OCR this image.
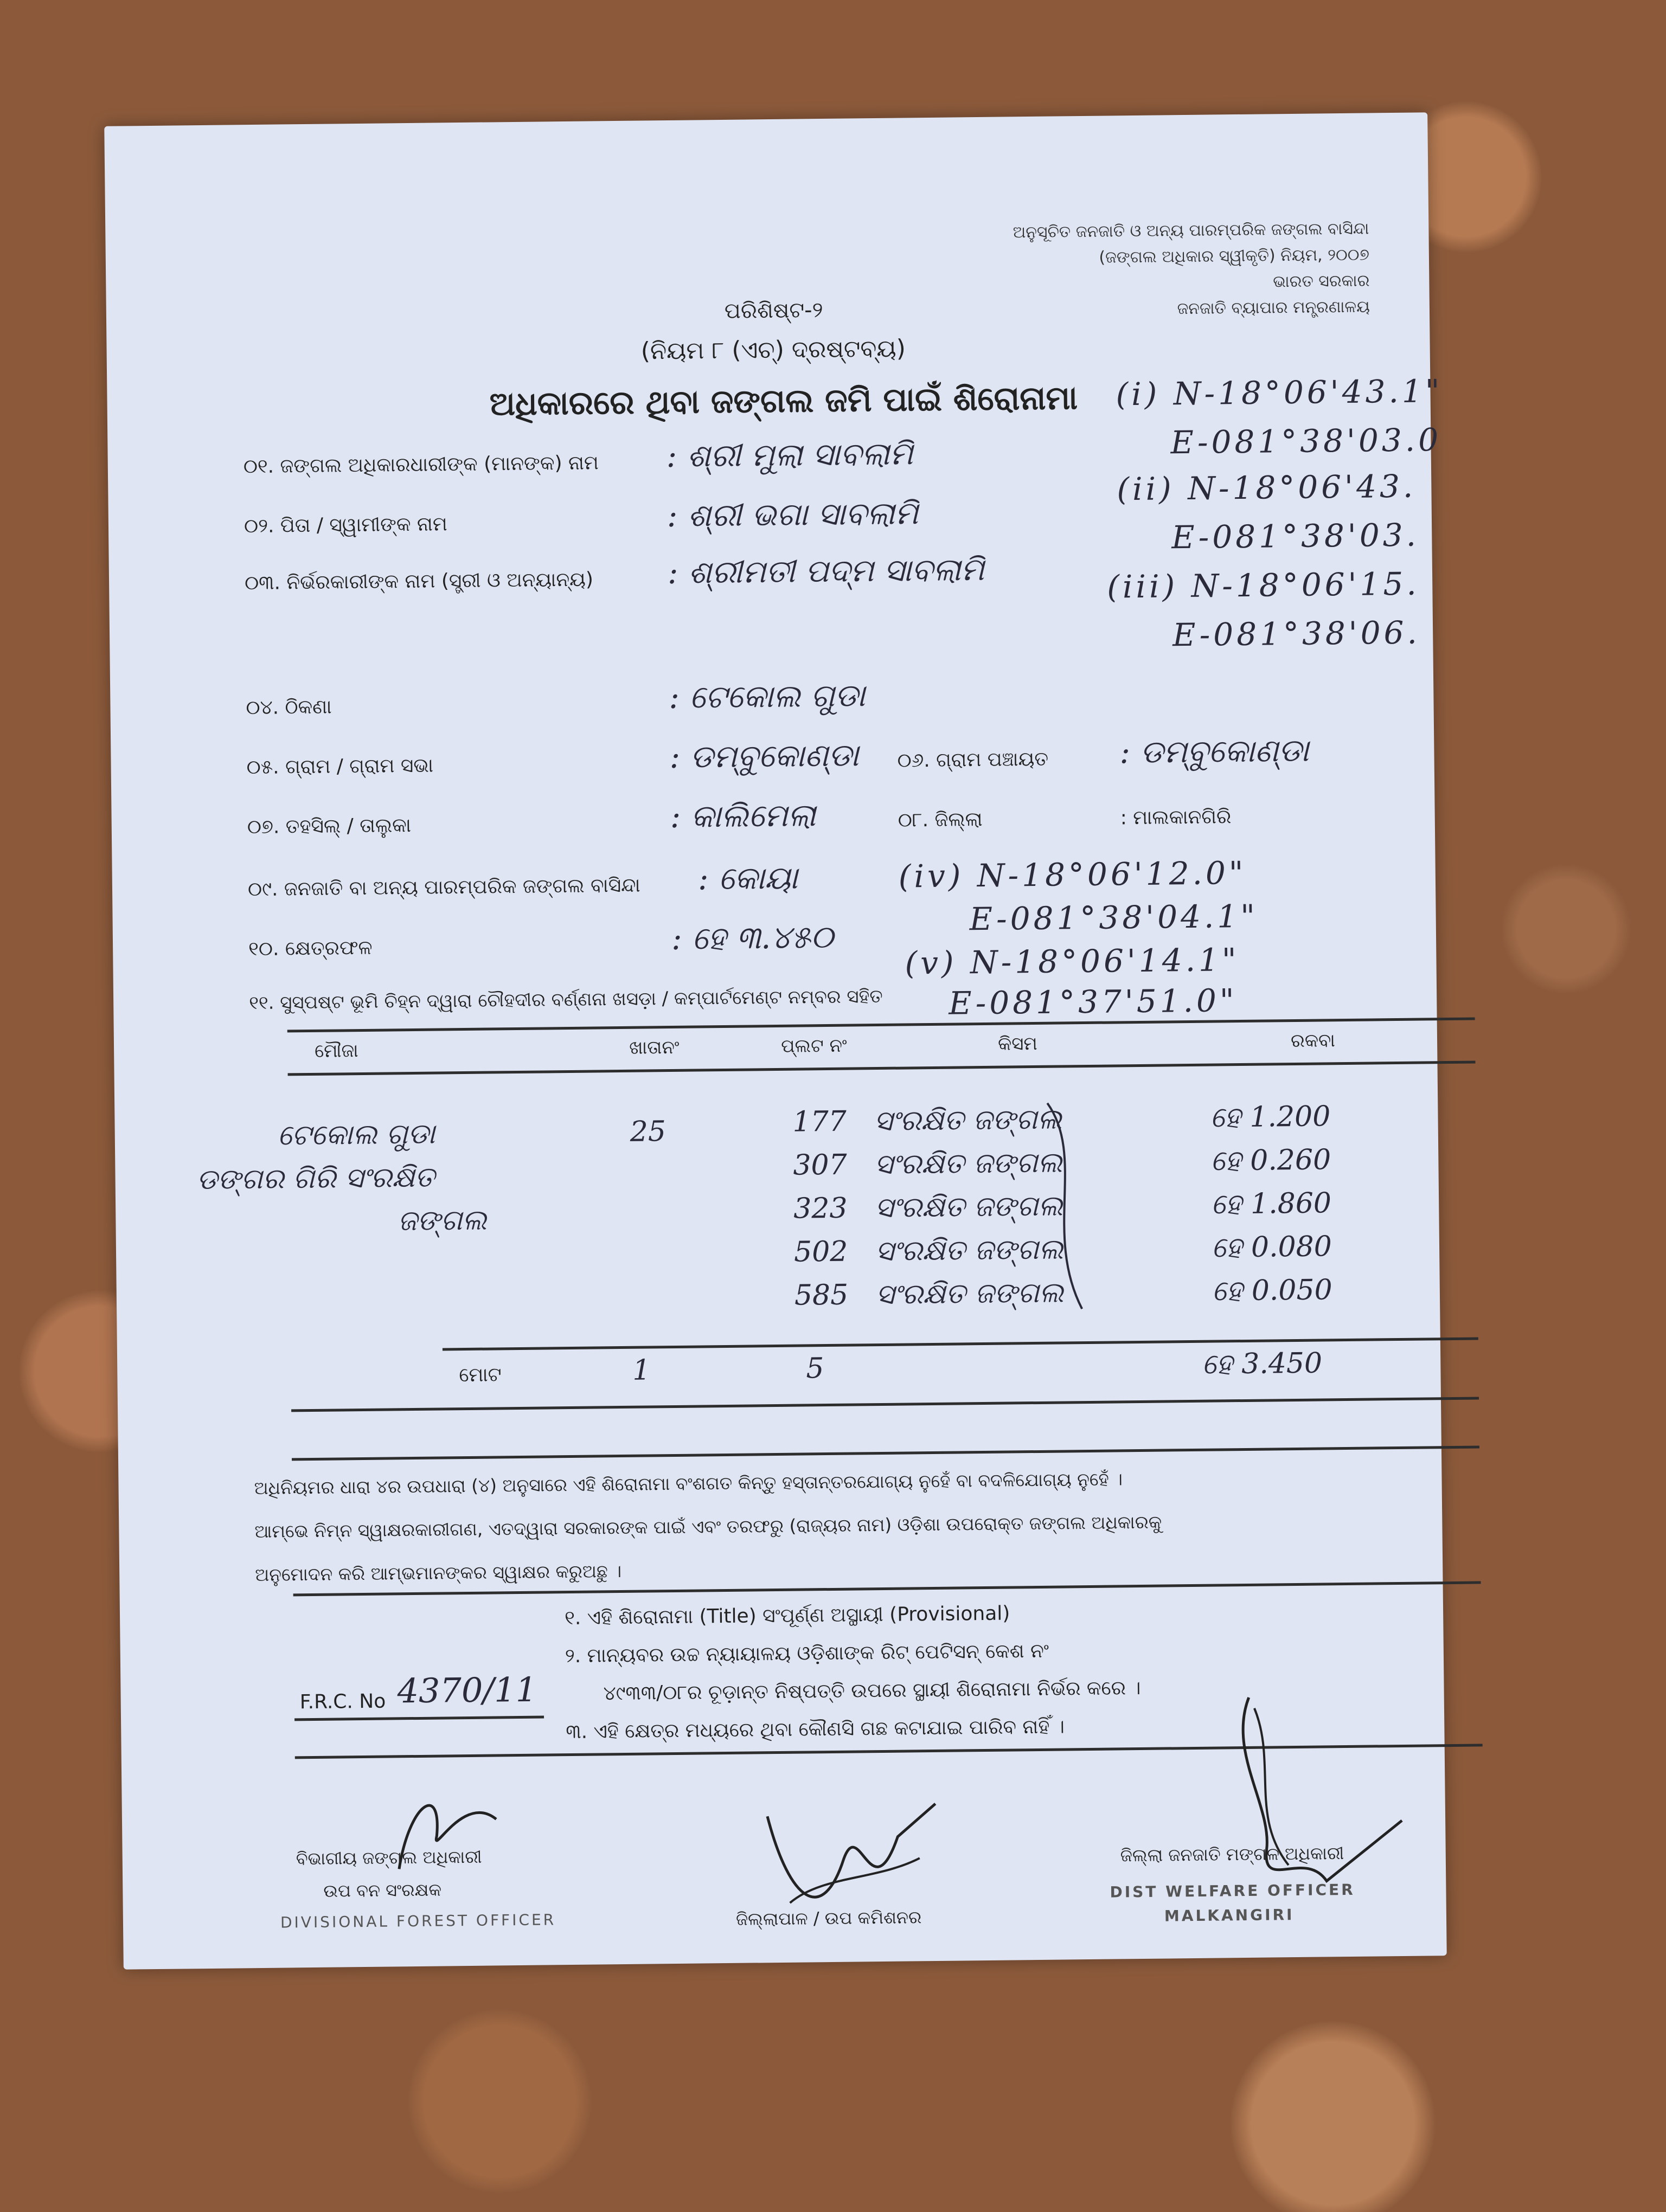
ଅନୁସୂଚିତ ଜନଜାତି ଓ ଅନ୍ୟ ପାରମ୍ପରିକ ଜଙ୍ଗଲ ବାସିନ୍ଦା
(ଜଙ୍ଗଲ ଅଧିକାର ସ୍ୱୀକୃତି) ନିୟମ, ୨୦୦୭
ଭାରତ ସରକାର
ଜନଜାତି ବ୍ୟାପାର ମନ୍ତ୍ରଣାଳୟ
ପରିଶିଷ୍ଟ-୨
(ନିୟମ ୮ (ଏଚ୍) ଦ୍ରଷ୍ଟବ୍ୟ)
ଅଧିକାରରେ ଥିବା ଜଙ୍ଗଲ ଜମି ପାଇଁ ଶିରୋନାମା
୦୧. ଜଙ୍ଗଲ ଅଧିକାରଧାରୀଙ୍କ (ମାନଙ୍କ) ନାମ : ଶ୍ରୀ ମୁଲା ସାବଲାମି
୦୨. ପିତା / ସ୍ୱାମୀଙ୍କ ନାମ	: ଶ୍ରୀ ଭଗା ସାବଲାମି
୦୩. ନିର୍ଭରକାରୀଙ୍କ ନାମ (ସ୍ତ୍ରୀ ଓ ଅନ୍ୟାନ୍ୟ) : ଶ୍ରୀମତୀ ପଦ୍ମ ସାବଲାମି
୦୪. ଠିକଣା	: ଟେକୋଲ ଗୁଡା
୦୫. ଗ୍ରାମ / ଗ୍ରାମ ସଭା	: ଡମ୍ବୁକୋଣ୍ଡା ୦୬. ଗ୍ରାମ ପଞ୍ଚାୟତ : ଡମ୍ବୁକୋଣ୍ଡା
୦୭. ତହସିଲ୍ / ତାଲୁକା	: କାଲିମେଲା	୦୮. ଜିଲ୍ଲା	: ମାଲକାନଗିରି
୦୯. ଜନଜାତି ବା ଅନ୍ୟ ପାରମ୍ପରିକ ଜଙ୍ଗଲ ବାସିନ୍ଦା : କୋୟା
୧୦. କ୍ଷେତ୍ରଫଳ	: ହେ ୩.୪୫୦
୧୧. ସୁସ୍ପଷ୍ଟ ଭୂମି ଚିହ୍ନ ଦ୍ୱାରା ଚୌହଦୀର ବର୍ଣ୍ଣନା ଖସଡ଼ା / କମ୍ପାର୍ଟମେଣ୍ଟ ନମ୍ବର ସହିତ
(i) N-18°06'43.1"
E-081°38'03.0
(ii) N-18°06'43.
E-081°38'03.
(iii) N-18°06'15.
E-081°38'06.
(iv) N-18°06'12.0"
E-081°38'04.1"
(v) N-18°06'14.1"
E-081°37'51.0"
ମୌଜା	ଖାତାନଂ	ପ୍ଲଟ ନଂ	କିସମ	ରକବା
ଟେକୋଲ ଗୁଡା
ଡଙ୍ଗର ଗିରି ସଂରକ୍ଷିତ
ଜଙ୍ଗଲ
25	177 ସଂରକ୍ଷିତ ଜଙ୍ଗଲ	ହେ 1.200
307 ସଂରକ୍ଷିତ ଜଙ୍ଗଲ	ହେ 0.260
323 ସଂରକ୍ଷିତ ଜଙ୍ଗଲ	ହେ 1.860
502 ସଂରକ୍ଷିତ ଜଙ୍ଗଲ	ହେ 0.080
585 ସଂରକ୍ଷିତ ଜଙ୍ଗଲ	ହେ 0.050
ମୋଟ	1	5	ହେ 3.450
ଅଧିନିୟମର ଧାରା ୪ର ଉପଧାରା (୪) ଅନୁସାରେ ଏହି ଶିରୋନାମା ବଂଶଗତ କିନ୍ତୁ ହସ୍ତାନ୍ତରଯୋଗ୍ୟ ନୁହେଁ ବା ବଦଳିଯୋଗ୍ୟ ନୁହେଁ ।
ଆମ୍ଭେ ନିମ୍ନ ସ୍ୱାକ୍ଷରକାରୀଗଣ, ଏତଦ୍ୱାରା ସରକାରଙ୍କ ପାଇଁ ଏବଂ ତରଫରୁ (ରାଜ୍ୟର ନାମ) ଓଡ଼ିଶା ଉପରୋକ୍ତ ଜଙ୍ଗଲ ଅଧିକାରକୁ
ଅନୁମୋଦନ କରି ଆମ୍ଭମାନଙ୍କର ସ୍ୱାକ୍ଷର କରୁଅଛୁ ।
୧. ଏହି ଶିରୋନାମା (Title) ସଂପୂର୍ଣ୍ଣ ଅସ୍ଥାୟୀ (Provisional)
୨. ମାନ୍ୟବର ଉଚ୍ଚ ନ୍ୟାୟାଳୟ ଓଡ଼ିଶାଙ୍କ ରିଟ୍ ପେଟିସନ୍ କେଶ ନଂ
୪୯୩୩/୦୮ର ଚୂଡ଼ାନ୍ତ ନିଷ୍ପତ୍ତି ଉପରେ ସ୍ଥାୟୀ ଶିରୋନାମା ନିର୍ଭର କରେ ।
୩. ଏହି କ୍ଷେତ୍ର ମଧ୍ୟରେ ଥିବା କୌଣସି ଗଛ କଟାଯାଇ ପାରିବ ନାହିଁ ।
F.R.C. No 4370/11
ବିଭାଗୀୟ ଜଙ୍ଗଲ ଅଧିକାରୀ
ଉପ ବନ ସଂରକ୍ଷକ
DIVISIONAL FOREST OFFICER	ଜିଲ୍ଲାପାଳ / ଉପ କମିଶନର
ଜିଲ୍ଲା ଜନଜାତି ମଙ୍ଗଳ ଅଧିକାରୀ
DIST WELFARE OFFICER
MALKANGIRI
